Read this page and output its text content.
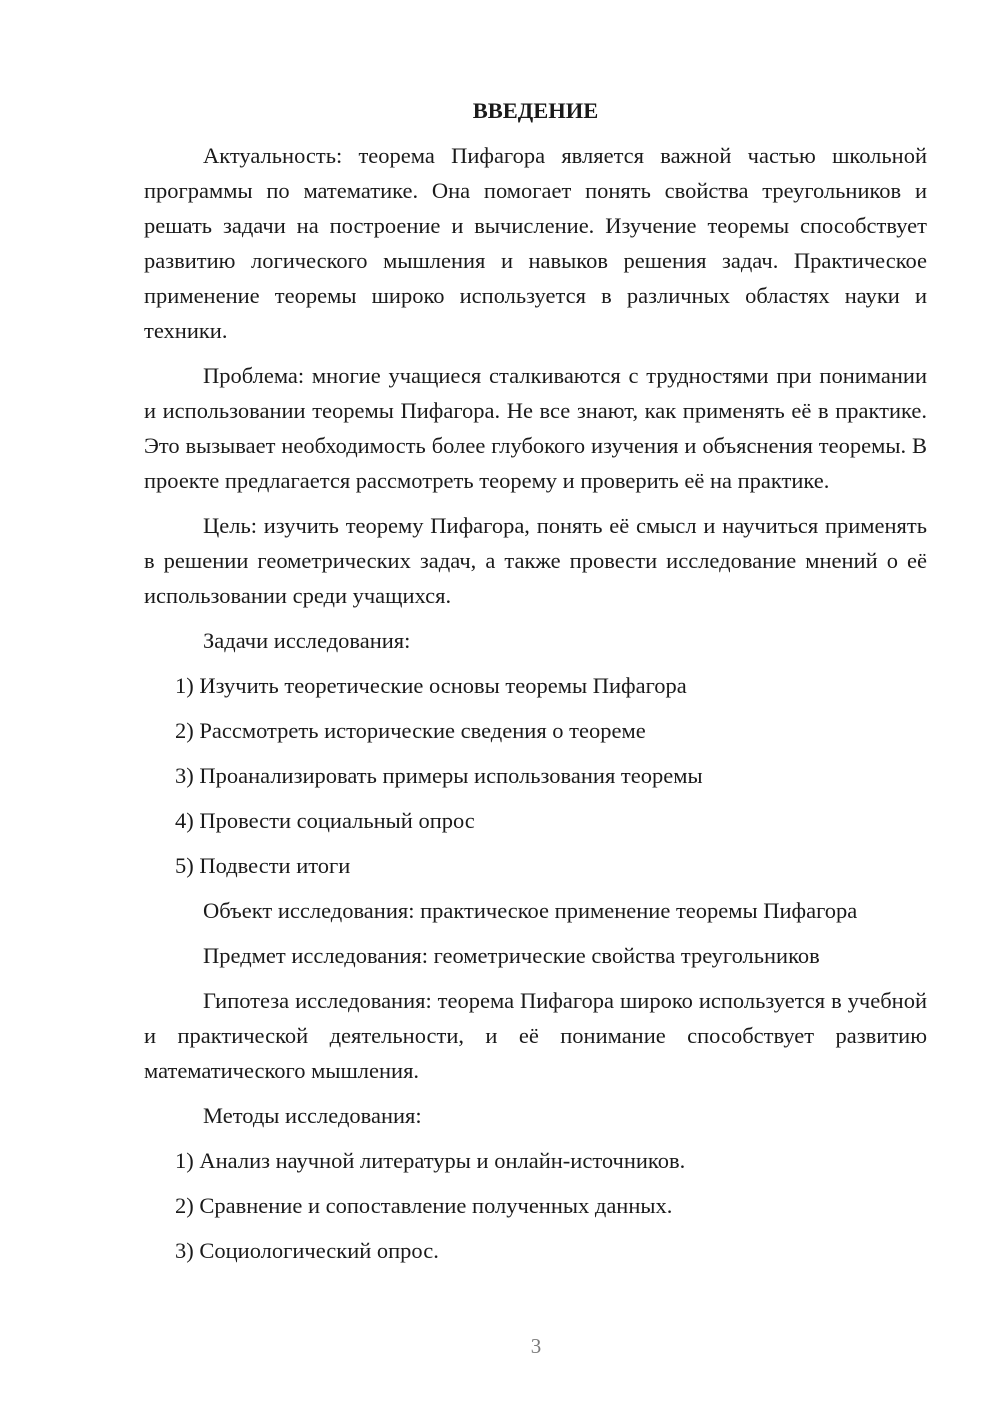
ВВЕДЕНИЕ

Актуальность: теорема Пифагора является важной частью школьной программы по математике. Она помогает понять свойства треугольников и решать задачи на построение и вычисление. Изучение теоремы способствует развитию логического мышления и навыков решения задач. Практическое применение теоремы широко используется в различных областях науки и техники.

Проблема: многие учащиеся сталкиваются с трудностями при понимании и использовании теоремы Пифагора. Не все знают, как применять её в практике. Это вызывает необходимость более глубокого изучения и объяснения теоремы. В проекте предлагается рассмотреть теорему и проверить её на практике.

Цель: изучить теорему Пифагора, понять её смысл и научиться применять в решении геометрических задач, а также провести исследование мнений о её использовании среди учащихся.

Задачи исследования:
1) Изучить теоретические основы теоремы Пифагора
2) Рассмотреть исторические сведения о теореме
3) Проанализировать примеры использования теоремы
4) Провести социальный опрос
5) Подвести итоги
Объект исследования: практическое применение теоремы Пифагора
Предмет исследования: геометрические свойства треугольников

Гипотеза исследования: теорема Пифагора широко используется в учебной и практической деятельности, и её понимание способствует развитию математического мышления.

Методы исследования:
1) Анализ научной литературы и онлайн-источников.
2) Сравнение и сопоставление полученных данных.
3) Социологический опрос.
3
